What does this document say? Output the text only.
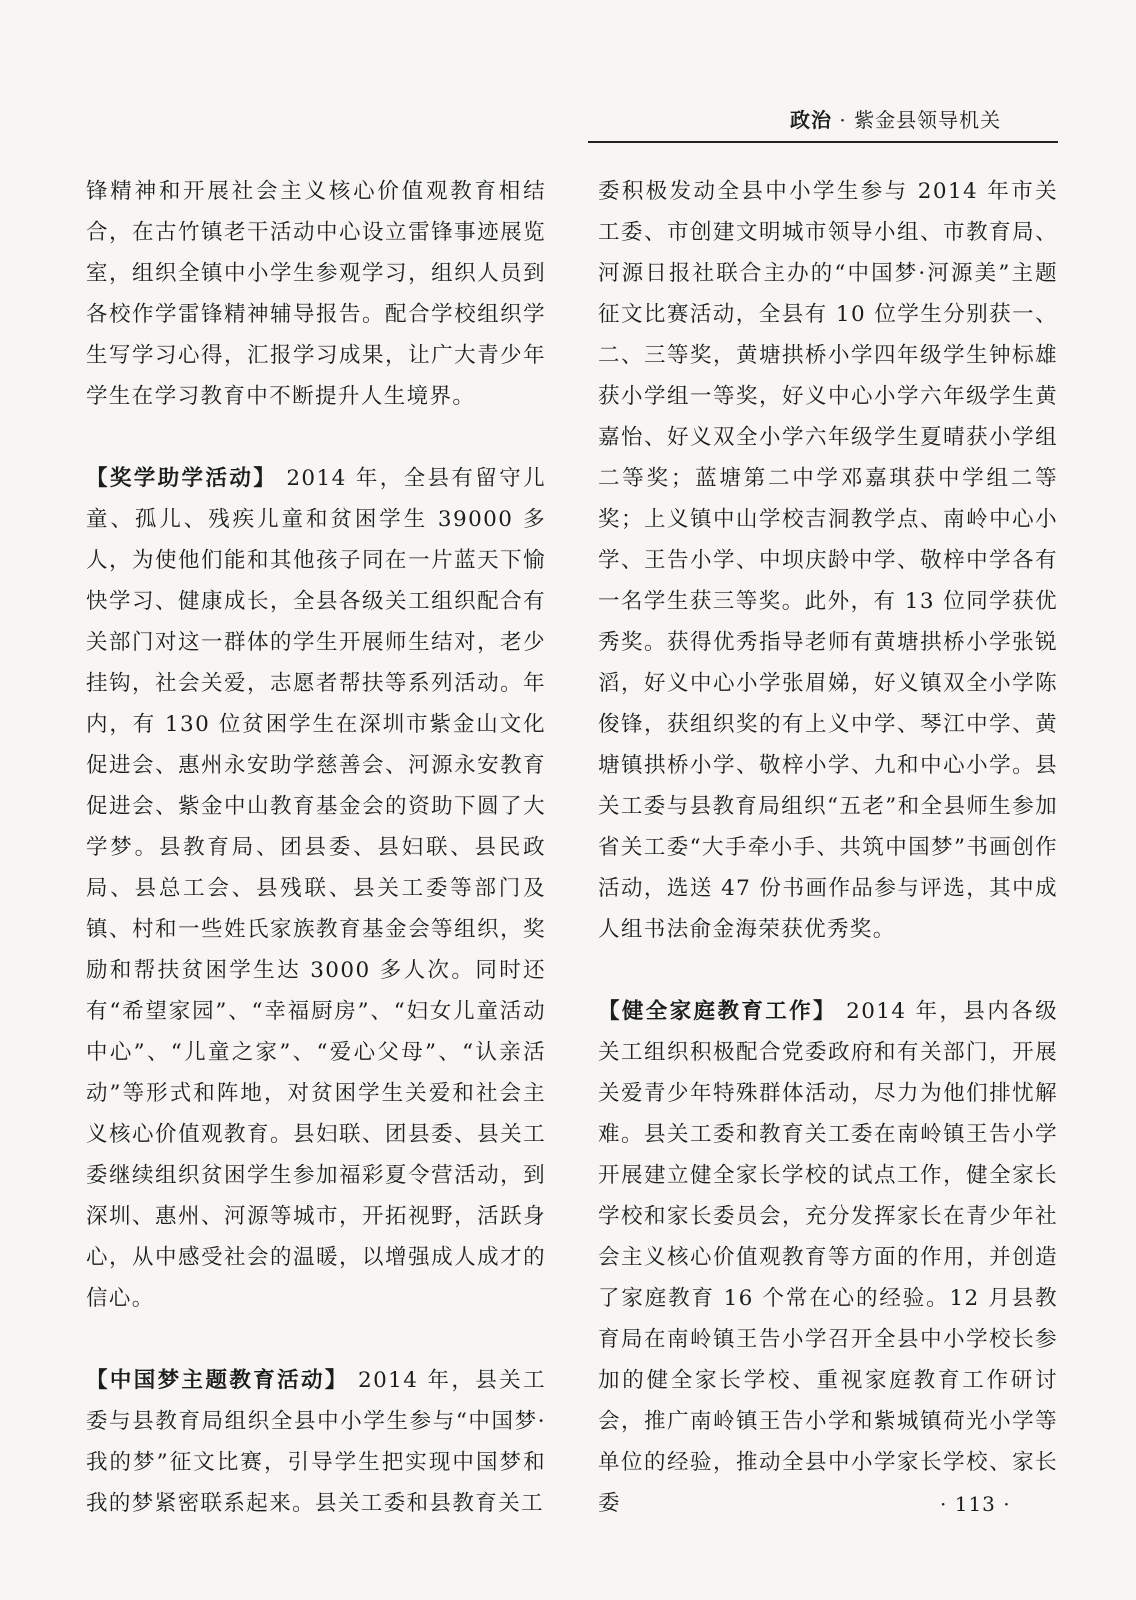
政治 · 紫金县领导机关

锋精神和开展社会主义核心价值观教育相结合，在古竹镇老干活动中心设立雷锋事迹展览室，组织全镇中小学生参观学习，组织人员到各校作学雷锋精神辅导报告。配合学校组织学生写学习心得，汇报学习成果，让广大青少年学生在学习教育中不断提升人生境界。

【奖学助学活动】 2014 年，全县有留守儿童、孤儿、残疾儿童和贫困学生 39000 多人，为使他们能和其他孩子同在一片蓝天下愉快学习、健康成长，全县各级关工组织配合有关部门对这一群体的学生开展师生结对，老少挂钩，社会关爱，志愿者帮扶等系列活动。年内，有 130 位贫困学生在深圳市紫金山文化促进会、惠州永安助学慈善会、河源永安教育促进会、紫金中山教育基金会的资助下圆了大学梦。县教育局、团县委、县妇联、县民政局、县总工会、县残联、县关工委等部门及镇、村和一些姓氏家族教育基金会等组织，奖励和帮扶贫困学生达 3000 多人次。同时还有“希望家园”、“幸福厨房”、“妇女儿童活动中心”、“儿童之家”、“爱心父母”、“认亲活动”等形式和阵地，对贫困学生关爱和社会主义核心价值观教育。县妇联、团县委、县关工委继续组织贫困学生参加福彩夏令营活动，到深圳、惠州、河源等城市，开拓视野，活跃身心，从中感受社会的温暖，以增强成人成才的信心。

【中国梦主题教育活动】 2014 年，县关工委与县教育局组织全县中小学生参与“中国梦·我的梦”征文比赛，引导学生把实现中国梦和我的梦紧密联系起来。县关工委和县教育关工

委积极发动全县中小学生参与 2014 年市关工委、市创建文明城市领导小组、市教育局、河源日报社联合主办的“中国梦·河源美”主题征文比赛活动，全县有 10 位学生分别获一、二、三等奖，黄塘拱桥小学四年级学生钟标雄获小学组一等奖，好义中心小学六年级学生黄嘉怡、好义双全小学六年级学生夏晴获小学组二等奖；蓝塘第二中学邓嘉琪获中学组二等奖；上义镇中山学校吉洞教学点、南岭中心小学、王告小学、中坝庆龄中学、敬梓中学各有一名学生获三等奖。此外，有 13 位同学获优秀奖。获得优秀指导老师有黄塘拱桥小学张锐滔，好义中心小学张眉娣，好义镇双全小学陈俊锋，获组织奖的有上义中学、琴江中学、黄塘镇拱桥小学、敬梓小学、九和中心小学。县关工委与县教育局组织“五老”和全县师生参加省关工委“大手牵小手、共筑中国梦”书画创作活动，选送 47 份书画作品参与评选，其中成人组书法俞金海荣获优秀奖。

【健全家庭教育工作】 2014 年，县内各级关工组织积极配合党委政府和有关部门，开展关爱青少年特殊群体活动，尽力为他们排忧解难。县关工委和教育关工委在南岭镇王告小学开展建立健全家长学校的试点工作，健全家长学校和家长委员会，充分发挥家长在青少年社会主义核心价值观教育等方面的作用，并创造了家庭教育 16 个常在心的经验。12 月县教育局在南岭镇王告小学召开全县中小学校长参加的健全家长学校、重视家庭教育工作研讨会，推广南岭镇王告小学和紫城镇荷光小学等单位的经验，推动全县中小学家长学校、家长委	· 113 ·
